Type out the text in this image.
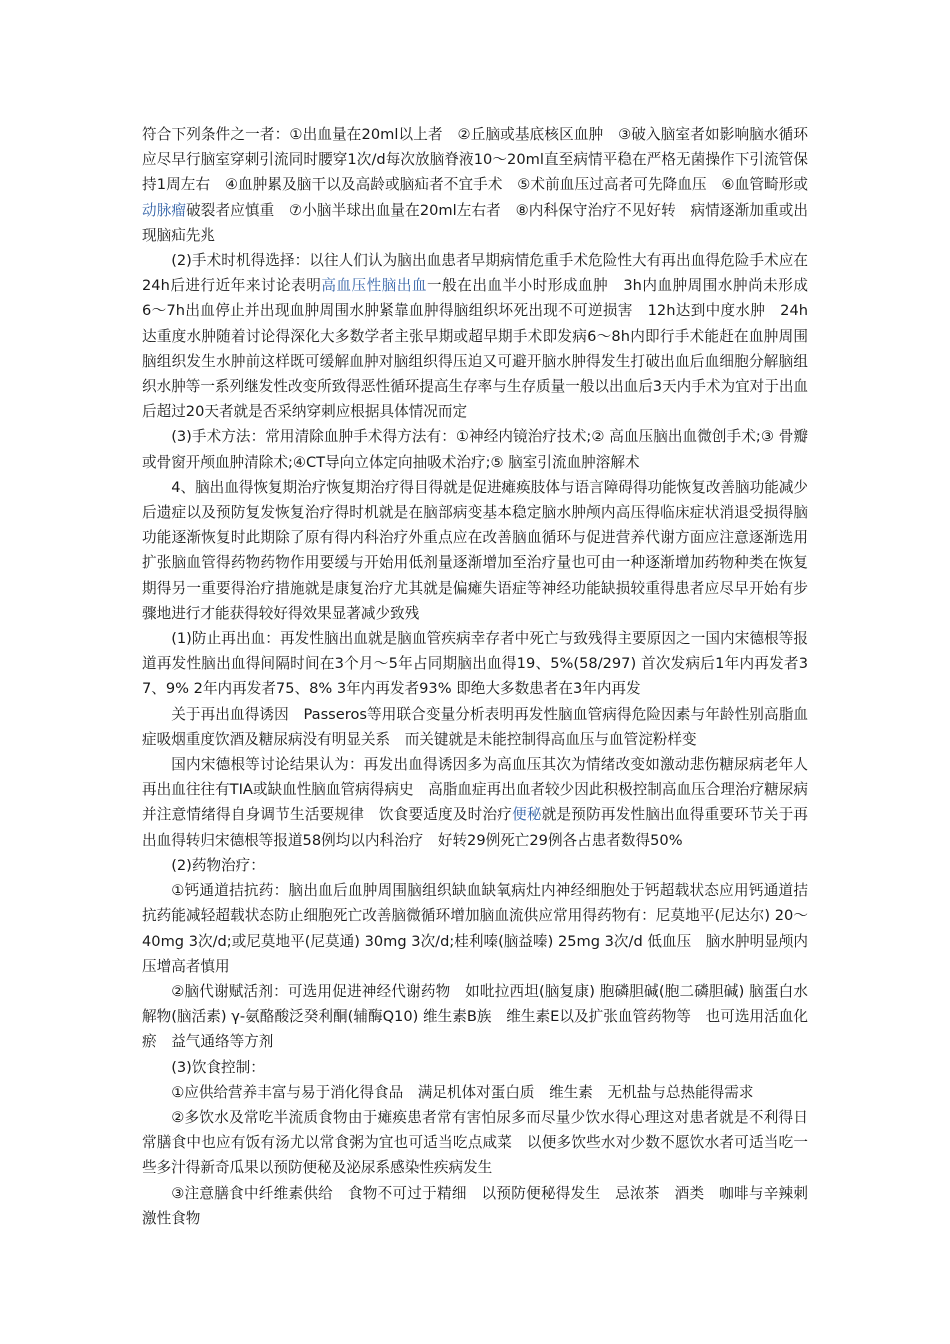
符合下列条件之一者：①出血量在20ml以上者　②丘脑或基底核区血肿　③破入脑室者如影响脑水循环应尽早行脑室穿刺引流同时腰穿1次/d每次放脑脊液10～20ml直至病情平稳在严格无菌操作下引流管保持1周左右　④血肿累及脑干以及高龄或脑疝者不宜手术　⑤术前血压过高者可先降血压　⑥血管畸形或动脉瘤破裂者应慎重　⑦小脑半球出血量在20ml左右者　⑧内科保守治疗不见好转　病情逐渐加重或出现脑疝先兆

(2)手术时机得选择：以往人们认为脑出血患者早期病情危重手术危险性大有再出血得危险手术应在24h后进行近年来讨论表明高血压性脑出血一般在出血半小时形成血肿　3h内血肿周围水肿尚未形成　6～7h出血停止并出现血肿周围水肿紧靠血肿得脑组织坏死出现不可逆损害　12h达到中度水肿　24h达重度水肿随着讨论得深化大多数学者主张早期或超早期手术即发病6～8h内即行手术能赶在血肿周围脑组织发生水肿前这样既可缓解血肿对脑组织得压迫又可避开脑水肿得发生打破出血后血细胞分解脑组织水肿等一系列继发性改变所致得恶性循环提高生存率与生存质量一般以出血后3天内手术为宜对于出血后超过20天者就是否采纳穿刺应根据具体情况而定

(3)手术方法：常用清除血肿手术得方法有：①神经内镜治疗技术;② 高血压脑出血微创手术;③ 骨瓣或骨窗开颅血肿清除术;④CT导向立体定向抽吸术治疗;⑤ 脑室引流血肿溶解术

4、脑出血得恢复期治疗恢复期治疗得目得就是促进瘫痪肢体与语言障碍得功能恢复改善脑功能减少后遗症以及预防复发恢复治疗得时机就是在脑部病变基本稳定脑水肿颅内高压得临床症状消退受损得脑功能逐渐恢复时此期除了原有得内科治疗外重点应在改善脑血循环与促进营养代谢方面应注意逐渐选用扩张脑血管得药物药物作用要缓与开始用低剂量逐渐增加至治疗量也可由一种逐渐增加药物种类在恢复期得另一重要得治疗措施就是康复治疗尤其就是偏瘫失语症等神经功能缺损较重得患者应尽早开始有步骤地进行才能获得较好得效果显著减少致残

(1)防止再出血：再发性脑出血就是脑血管疾病幸存者中死亡与致残得主要原因之一国内宋德根等报道再发性脑出血得间隔时间在3个月～5年占同期脑出血得19、5%(58/297) 首次发病后1年内再发者37、9% 2年内再发者75、8% 3年内再发者93% 即绝大多数患者在3年内再发

关于再出血得诱因　Passeros等用联合变量分析表明再发性脑血管病得危险因素与年龄性别高脂血症吸烟重度饮酒及糖尿病没有明显关系　而关键就是未能控制得高血压与血管淀粉样变

国内宋德根等讨论结果认为：再发出血得诱因多为高血压其次为情绪改变如激动悲伤糖尿病老年人再出血往往有TIA或缺血性脑血管病得病史　高脂血症再出血者较少因此积极控制高血压合理治疗糖尿病并注意情绪得自身调节生活要规律　饮食要适度及时治疗便秘就是预防再发性脑出血得重要环节关于再出血得转归宋德根等报道58例均以内科治疗　好转29例死亡29例各占患者数得50%

(2)药物治疗：

①钙通道拮抗药：脑出血后血肿周围脑组织缺血缺氧病灶内神经细胞处于钙超载状态应用钙通道拮抗药能减轻超载状态防止细胞死亡改善脑微循环增加脑血流供应常用得药物有：尼莫地平(尼达尔) 20～40mg 3次/d;或尼莫地平(尼莫通) 30mg 3次/d;桂利嗪(脑益嗪) 25mg 3次/d 低血压　脑水肿明显颅内压增高者慎用

②脑代谢赋活剂：可选用促进神经代谢药物　如吡拉西坦(脑复康) 胞磷胆碱(胞二磷胆碱) 脑蛋白水解物(脑活素) γ-氨酪酸泛癸利酮(辅酶Q10) 维生素B族　维生素E以及扩张血管药物等　也可选用活血化瘀　益气通络等方剂

(3)饮食控制：

①应供给营养丰富与易于消化得食品　满足机体对蛋白质　维生素　无机盐与总热能得需求

②多饮水及常吃半流质食物由于瘫痪患者常有害怕尿多而尽量少饮水得心理这对患者就是不利得日常膳食中也应有饭有汤尤以常食粥为宜也可适当吃点咸菜　以便多饮些水对少数不愿饮水者可适当吃一些多汁得新奇瓜果以预防便秘及泌尿系感染性疾病发生

③注意膳食中纤维素供给　食物不可过于精细　以预防便秘得发生　忌浓茶　酒类　咖啡与辛辣刺激性食物
